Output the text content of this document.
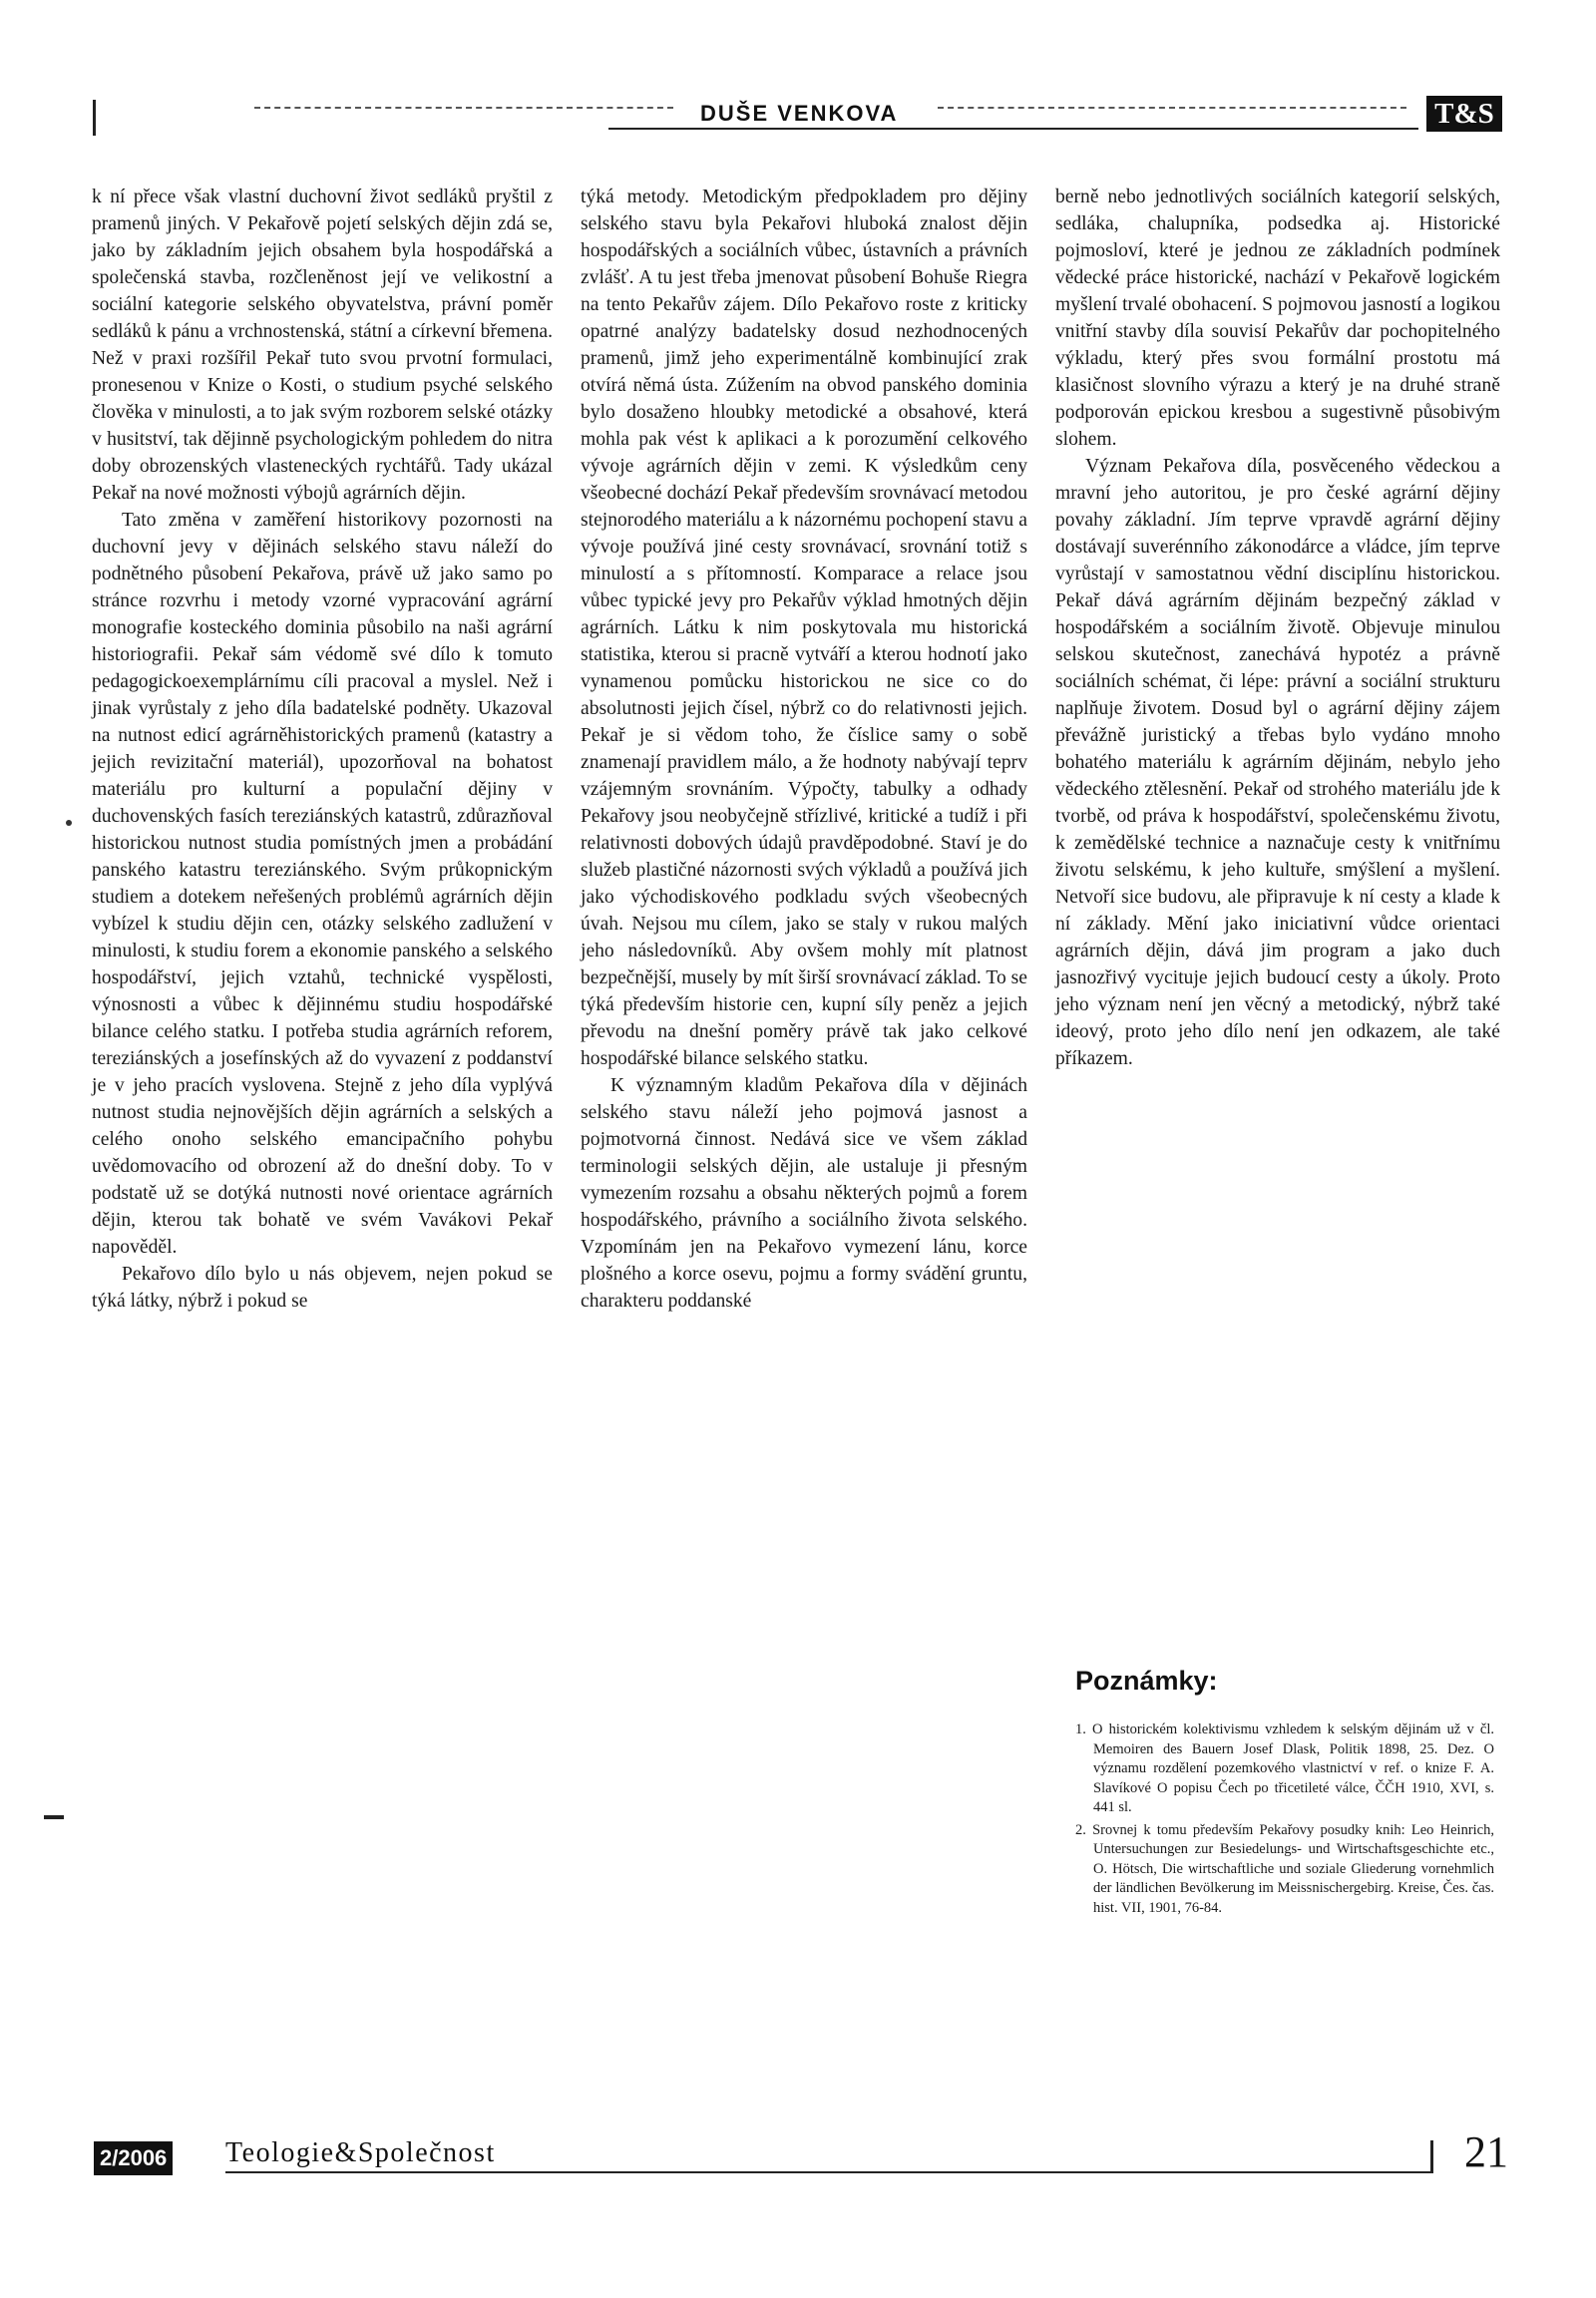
DUŠE VENKOVA	T&S

k ní přece však vlastní duchovní život sedláků pryštil z pramenů jiných. V Pekařově pojetí selských dějin zdá se, jako by základním jejich obsahem byla hospodářská a společenská stavba, rozčleněnost její ve velikostní a sociální kategorie selského obyvatelstva, právní poměr sedláků k pánu a vrchnostenská, státní a církevní břemena. Než v praxi rozšířil Pekař tuto svou prvotní formulaci, pronesenou v Knize o Kosti, o studium psyché selského člověka v minulosti, a to jak svým rozborem selské otázky v husitství, tak dějinně psychologickým pohledem do nitra doby obrozenských vlasteneckých rychtářů. Tady ukázal Pekař na nové možnosti výbojů agrárních dějin.

Tato změna v zaměření historikovy pozornosti na duchovní jevy v dějinách selského stavu náleží do podnětného působení Pekařova, právě už jako samo po stránce rozvrhu i metody vzorné vypracování agrární monografie kosteckého dominia působilo na naši agrární historiografii. Pekař sám védomě své dílo k tomuto pedagogickoexemplárnímu cíli pracoval a myslel. Než i jinak vyrůstaly z jeho díla badatelské podněty. Ukazoval na nutnost edicí agrárněhistorických pramenů (katastry a jejich revizitační materiál), upozorňoval na bohatost materiálu pro kulturní a populační dějiny v duchovenských fasích tereziánských katastrů, zdůrazňoval historickou nutnost studia pomístných jmen a probádání panského katastru tereziánského. Svým průkopnickým studiem a dotekem neřešených problémů agrárních dějin vybízel k studiu dějin cen, otázky selského zadlužení v minulosti, k studiu forem a ekonomie panského a selského hospodářství, jejich vztahů, technické vyspělosti, výnosnosti a vůbec k dějinnému studiu hospodářské bilance celého statku. I potřeba studia agrárních reforem, tereziánských a josefínských až do vyvazení z poddanství je v jeho pracích vyslovena. Stejně z jeho díla vyplývá nutnost studia nejnovějších dějin agrárních a selských a celého onoho selského emancipačního pohybu uvědomovacího od obrození až do dnešní doby. To v podstatě už se dotýká nutnosti nové orientace agrárních dějin, kterou tak bohatě ve svém Vavákovi Pekař napověděl.

Pekařovo dílo bylo u nás objevem, nejen pokud se týká látky, nýbrž i pokud se

týká metody. Metodickým předpokladem pro dějiny selského stavu byla Pekařovi hluboká znalost dějin hospodářských a sociálních vůbec, ústavních a právních zvlášť. A tu jest třeba jmenovat působení Bohuše Riegra na tento Pekařův zájem. Dílo Pekařovo roste z kriticky opatrné analýzy badatelsky dosud nezhodnocených pramenů, jimž jeho experimentálně kombinující zrak otvírá němá ústa. Zúžením na obvod panského dominia bylo dosaženo hloubky metodické a obsahové, která mohla pak vést k aplikaci a k porozumění celkového vývoje agrárních dějin v zemi. K výsledkům ceny všeobecné dochází Pekař především srovnávací metodou stejnorodého materiálu a k názornému pochopení stavu a vývoje používá jiné cesty srovnávací, srovnání totiž s minulostí a s přítomností. Komparace a relace jsou vůbec typické jevy pro Pekařův výklad hmotných dějin agrárních. Látku k nim poskytovala mu historická statistika, kterou si pracně vytváří a kterou hodnotí jako vynamenou pomůcku historickou ne sice co do absolutnosti jejich čísel, nýbrž co do relativnosti jejich. Pekař je si vědom toho, že číslice samy o sobě znamenají pravidlem málo, a že hodnoty nabývají teprv vzájemným srovnáním. Výpočty, tabulky a odhady Pekařovy jsou neobyčejně střízlivé, kritické a tudíž i při relativnosti dobových údajů pravděpodobné. Staví je do služeb plastičné názornosti svých výkladů a používá jich jako východiskového podkladu svých všeobecných úvah. Nejsou mu cílem, jako se staly v rukou malých jeho následovníků. Aby ovšem mohly mít platnost bezpečnější, musely by mít širší srovnávací základ. To se týká především historie cen, kupní síly peněz a jejich převodu na dnešní poměry právě tak jako celkové hospodářské bilance selského statku.

K významným kladům Pekařova díla v dějinách selského stavu náleží jeho pojmová jasnost a pojmotvorná činnost. Nedává sice ve všem základ terminologii selských dějin, ale ustaluje ji přesným vymezením rozsahu a obsahu některých pojmů a forem hospodářského, právního a sociálního života selského. Vzpomínám jen na Pekařovo vymezení lánu, korce plošného a korce osevu, pojmu a formy svádění gruntu, charakteru poddanské

berně nebo jednotlivých sociálních kategorií selských, sedláka, chalupníka, podsedka aj. Historické pojmosloví, které je jednou ze základních podmínek vědecké práce historické, nachází v Pekařově logickém myšlení trvalé obohacení. S pojmovou jasností a logikou vnitřní stavby díla souvisí Pekařův dar pochopitelného výkladu, který přes svou formální prostotu má klasičnost slovního výrazu a který je na druhé straně podporován epickou kresbou a sugestivně působivým slohem.

Význam Pekařova díla, posvěceného vědeckou a mravní jeho autoritou, je pro české agrární dějiny povahy základní. Jím teprve vpravdě agrární dějiny dostávají suverénního zákonodárce a vládce, jím teprve vyrůstají v samostatnou vědní disciplínu historickou. Pekař dává agrárním dějinám bezpečný základ v hospodářském a sociálním životě. Objevuje minulou selskou skutečnost, zanechává hypotéz a právně sociálních schémat, či lépe: právní a sociální strukturu naplňuje životem. Dosud byl o agrární dějiny zájem převážně juristický a třebas bylo vydáno mnoho bohatého materiálu k agrárním dějinám, nebylo jeho vědeckého ztělesnění. Pekař od strohého materiálu jde k tvorbě, od práva k hospodářství, společenskému životu, k zemědělské technice a naznačuje cesty k vnitřnímu životu selskému, k jeho kultuře, smýšlení a myšlení. Netvoří sice budovu, ale připravuje k ní cesty a klade k ní základy. Mění jako iniciativní vůdce orientaci agrárních dějin, dává jim program a jako duch jasnozřivý vycituje jejich budoucí cesty a úkoly. Proto jeho význam není jen věcný a metodický, nýbrž také ideový, proto jeho dílo není jen odkazem, ale také příkazem.

Poznámky:

1. O historickém kolektivismu vzhledem k selským dějinám už v čl. Memoiren des Bauern Josef Dlask, Politik 1898, 25. Dez. O významu rozdělení pozemkového vlastnictví v ref. o knize F. A. Slavíkové O popisu Čech po třicetileté válce, ČČH 1910, XVI, s. 441 sl.

2. Srovnej k tomu především Pekařovy posudky knih: Leo Heinrich, Untersuchungen zur Besiedelungs- und Wirtschaftsgeschichte etc., O. Hötsch, Die wirtschaftliche und soziale Gliederung vornehmlich der ländlichen Bevölkerung im Meissnischergebirg. Kreise, Čes. čas. hist. VII, 1901, 76-84.

2/2006 Teologie&Společnost	21
